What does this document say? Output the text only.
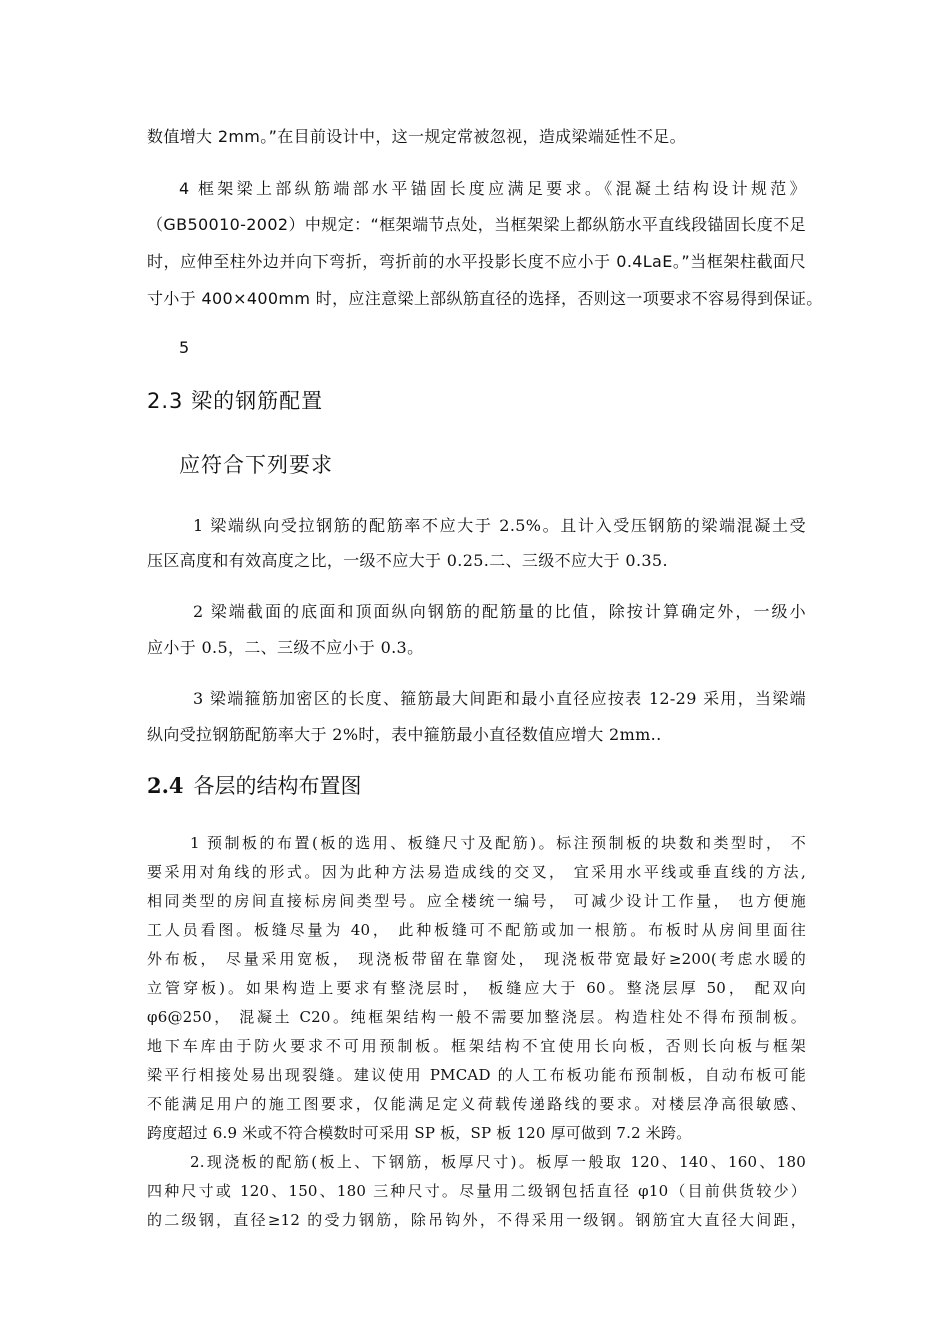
数值增大 2mm。”在目前设计中，这一规定常被忽视，造成梁端延性不足。
4 框架梁上部纵筋端部水平锚固长度应满足要求。《混凝土结构设计规范》
（GB50010-2002）中规定：“框架端节点处，当框架梁上都纵筋水平直线段锚固长度不足
时，应伸至柱外边并向下弯折，弯折前的水平投影长度不应小于 0.4LaE。”当框架柱截面尺
寸小于 400×400mm 时，应注意梁上部纵筋直径的选择，否则这一项要求不容易得到保证。
5
2.3 梁的钢筋配置
应符合下列要求
1 梁端纵向受拉钢筋的配筋率不应大于 2.5%。且计入受压钢筋的梁端混凝土受
压区高度和有效高度之比，一级不应大于 0.25.二、三级不应大于 0.35.
2 梁端截面的底面和顶面纵向钢筋的配筋量的比值，除按计算确定外，一级小
应小于 0.5，二、三级不应小于 0.3。
3 梁端箍筋加密区的长度、箍筋最大间距和最小直径应按表 12-29 采用，当梁端
纵向受拉钢筋配筋率大于 2%时，表中箍筋最小直径数值应增大 2mm..
2.4 各层的结构布置图
1 预制板的布置(板的选用、板缝尺寸及配筋)。标注预制板的块数和类型时， 不
要采用对角线的形式。因为此种方法易造成线的交叉， 宜采用水平线或垂直线的方法,
相同类型的房间直接标房间类型号。应全楼统一编号， 可减少设计工作量， 也方便施
工人员看图。板缝尽量为 40， 此种板缝可不配筋或加一根筋。布板时从房间里面往
外布板， 尽量采用宽板， 现浇板带留在靠窗处， 现浇板带宽最好≥200(考虑水暖的
立管穿板)。如果构造上要求有整浇层时， 板缝应大于 60。整浇层厚 50， 配双向
φ6@250， 混凝土 C20。纯框架结构一般不需要加整浇层。构造柱处不得布预制板。
地下车库由于防火要求不可用预制板。框架结构不宜使用长向板，否则长向板与框架
梁平行相接处易出现裂缝。建议使用 PMCAD 的人工布板功能布预制板，自动布板可能
不能满足用户的施工图要求，仅能满足定义荷载传递路线的要求。对楼层净高很敏感、
跨度超过 6.9 米或不符合模数时可采用 SP 板，SP 板 120 厚可做到 7.2 米跨。
2.现浇板的配筋(板上、下钢筋，板厚尺寸)。板厚一般取 120、140、160、180
四种尺寸或 120、150、180 三种尺寸。尽量用二级钢包括直径 φ10（目前供货较少）
的二级钢，直径≥12 的受力钢筋，除吊钩外，不得采用一级钢。钢筋宜大直径大间距，
